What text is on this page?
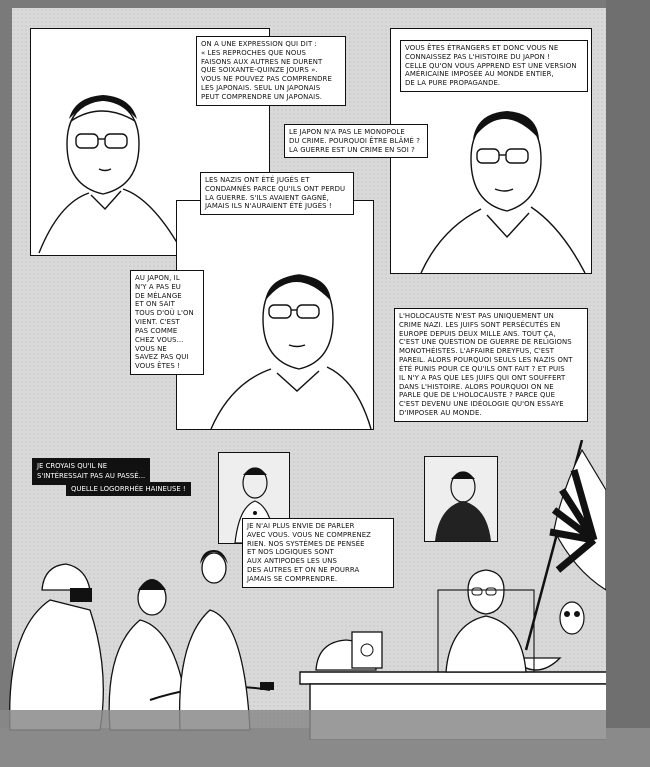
ON A UNE EXPRESSION QUI DIT :
« LES REPROCHES QUE NOUS
FAISONS AUX AUTRES NE DURENT
QUE SOIXANTE-QUINZE JOURS ».
VOUS NE POUVEZ PAS COMPRENDRE
LES JAPONAIS. SEUL UN JAPONAIS
PEUT COMPRENDRE UN JAPONAIS.
VOUS ÊTES ÉTRANGERS ET DONC VOUS NE
CONNAISSEZ PAS L'HISTOIRE DU JAPON !
CELLE QU'ON VOUS APPREND EST UNE VERSION
AMÉRICAINE IMPOSÉE AU MONDE ENTIER,
DE LA PURE PROPAGANDE.
LE JAPON N'A PAS LE MONOPOLE
DU CRIME. POURQUOI ÊTRE BLÂMÉ ?
LA GUERRE EST UN CRIME EN SOI ?
LES NAZIS ONT ÉTÉ JUGÉS ET
CONDAMNÉS PARCE QU'ILS ONT PERDU
LA GUERRE. S'ILS AVAIENT GAGNÉ,
JAMAIS ILS N'AURAIENT ÉTÉ JUGÉS !
AU JAPON, IL
N'Y A PAS EU
DE MÉLANGE
ET ON SAIT
TOUS D'OÙ L'ON
VIENT. C'EST
PAS COMME
CHEZ VOUS...
VOUS NE
SAVEZ PAS QUI
VOUS ÊTES !
L'HOLOCAUSTE N'EST PAS UNIQUEMENT UN
CRIME NAZI. LES JUIFS SONT PERSÉCUTÉS EN
EUROPE DEPUIS DEUX MILLE ANS. TOUT ÇA,
C'EST UNE QUESTION DE GUERRE DE RELIGIONS
MONOTHÉISTES. L'AFFAIRE DREYFUS, C'EST
PAREIL. ALORS POURQUOI SEULS LES NAZIS ONT
ÉTÉ PUNIS POUR CE QU'ILS ONT FAIT ? ET PUIS
IL N'Y A PAS QUE LES JUIFS QUI ONT SOUFFERT
DANS L'HISTOIRE. ALORS POURQUOI ON NE
PARLE QUE DE L'HOLOCAUSTE ? PARCE QUE
C'EST DEVENU UNE IDÉOLOGIE QU'ON ESSAYE
D'IMPOSER AU MONDE.
JE N'AI PLUS ENVIE DE PARLER
AVEC VOUS. VOUS NE COMPRENEZ
RIEN. NOS SYSTÈMES DE PENSÉE
ET NOS LOGIQUES SONT
AUX ANTIPODES LES UNS
DES AUTRES ET ON NE POURRA
JAMAIS SE COMPRENDRE.
JE CROYAIS QU'IL NE
S'INTÉRESSAIT PAS AU PASSÉ...
QUELLE LOGORRHÉE HAINEUSE !
